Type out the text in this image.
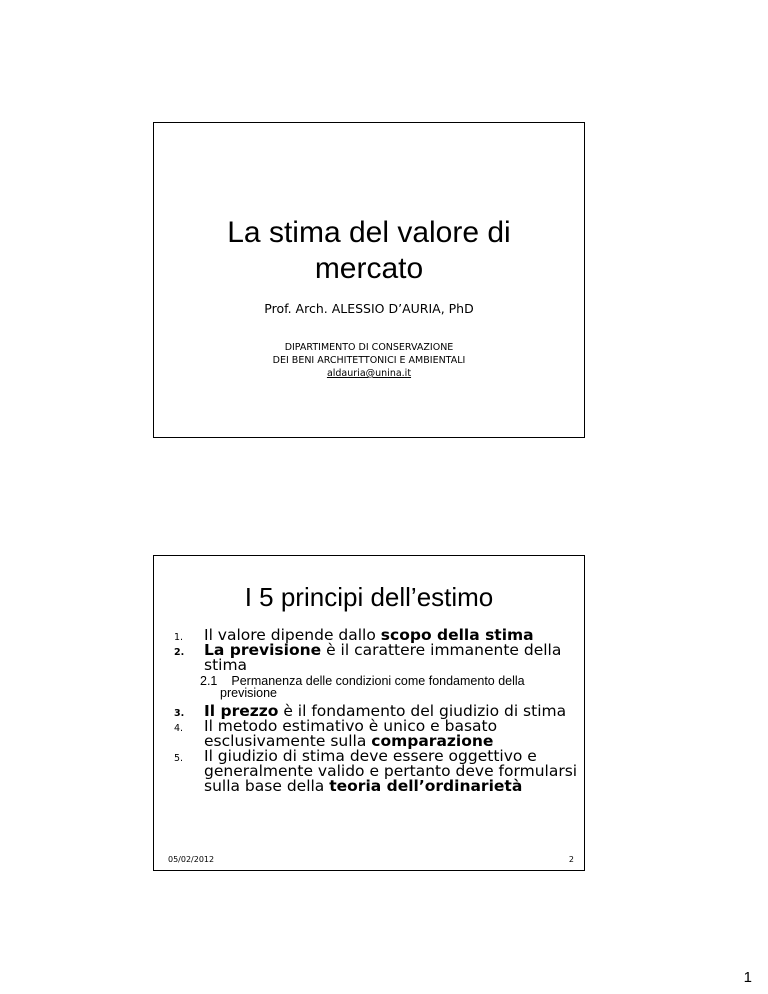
La stima del valore di
mercato

Prof. Arch. ALESSIO D’AURIA, PhD

DIPARTIMENTO DI CONSERVAZIONE
DEI BENI ARCHITETTONICI E AMBIENTALI
aldauria@unina.it
I 5 principi dell’estimo
1.	Il valore dipende dallo scopo della stima
2.	La previsione è il carattere immanente della stima
2.1 Permanenza delle condizioni come fondamento della previsione
3.	Il prezzo è il fondamento del giudizio di stima
4.	Il metodo estimativo è unico e basato esclusivamente sulla comparazione
5.	Il giudizio di stima deve essere oggettivo e generalmente valido e pertanto deve formularsi sulla base della teoria dell’ordinarietà
05/02/2012	2
1
